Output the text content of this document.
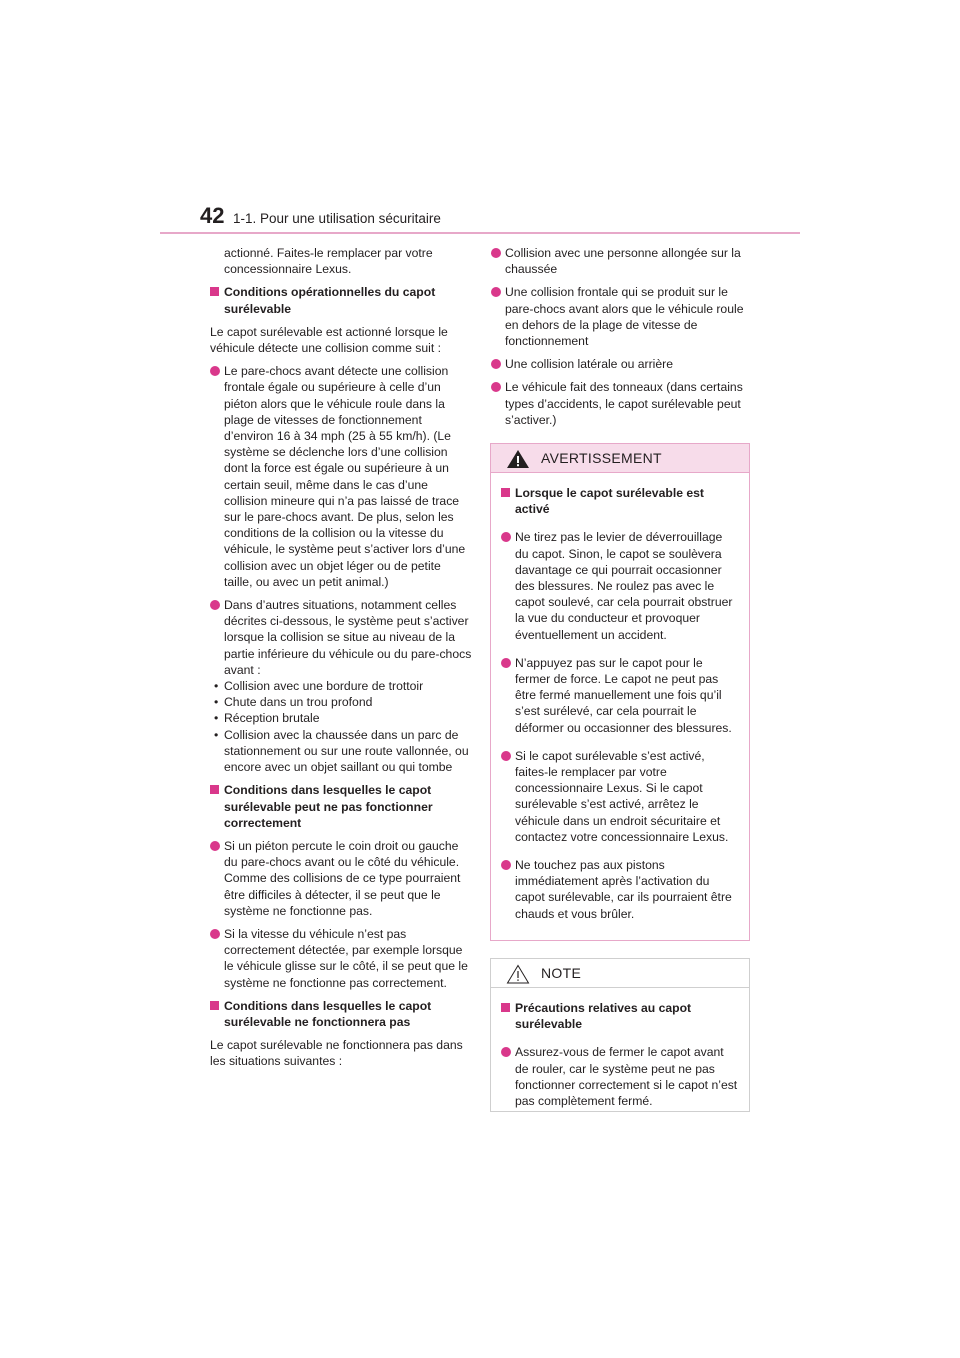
42 1-1. Pour une utilisation sécuritaire

actionné. Faites-le remplacer par votre concessionnaire Lexus.

Conditions opérationnelles du capot surélevable

Le capot surélevable est actionné lorsque le véhicule détecte une collision comme suit :

Le pare-chocs avant détecte une collision frontale égale ou supérieure à celle d’un piéton alors que le véhicule roule dans la plage de vitesses de fonctionnement d’environ 16 à 34 mph (25 à 55 km/h). (Le système se déclenche lors d’une collision dont la force est égale ou supérieure à un certain seuil, même dans le cas d’une collision mineure qui n’a pas laissé de trace sur le pare-chocs avant. De plus, selon les conditions de la collision ou la vitesse du véhicule, le système peut s’activer lors d’une collision avec un objet léger ou de petite taille, ou avec un petit animal.)
Dans d’autres situations, notamment celles décrites ci-dessous, le système peut s’activer lorsque la collision se situe au niveau de la partie inférieure du véhicule ou du pare-chocs avant :
• Collision avec une bordure de trottoir
• Chute dans un trou profond
• Réception brutale
• Collision avec la chaussée dans un parc de stationnement ou sur une route vallonnée, ou encore avec un objet saillant ou qui tombe
Conditions dans lesquelles le capot surélevable peut ne pas fonctionner correctement
Si un piéton percute le coin droit ou gauche du pare-chocs avant ou le côté du véhicule. Comme des collisions de ce type pourraient être difficiles à détecter, il se peut que le système ne fonctionne pas.
Si la vitesse du véhicule n’est pas correctement détectée, par exemple lorsque le véhicule glisse sur le côté, il se peut que le système ne fonctionne pas correctement.
Conditions dans lesquelles le capot surélevable ne fonctionnera pas

Le capot surélevable ne fonctionnera pas dans les situations suivantes :

Collision avec une personne allongée sur la chaussée
Une collision frontale qui se produit sur le pare-chocs avant alors que le véhicule roule en dehors de la plage de vitesse de fonctionnement
Une collision latérale ou arrière
Le véhicule fait des tonneaux (dans certains types d’accidents, le capot surélevable peut s’activer.)
AVERTISSEMENT
Lorsque le capot surélevable est activé
Ne tirez pas le levier de déverrouillage du capot. Sinon, le capot se soulèvera davantage ce qui pourrait occasionner des blessures. Ne roulez pas avec le capot soulevé, car cela pourrait obstruer la vue du conducteur et provoquer éventuellement un accident.
N’appuyez pas sur le capot pour le fermer de force. Le capot ne peut pas être fermé manuellement une fois qu’il s’est surélevé, car cela pourrait le déformer ou occasionner des blessures.
Si le capot surélevable s’est activé, faites-le remplacer par votre concessionnaire Lexus. Si le capot surélevable s’est activé, arrêtez le véhicule dans un endroit sécuritaire et contactez votre concessionnaire Lexus.
Ne touchez pas aux pistons immédiatement après l’activation du capot surélevable, car ils pourraient être chauds et vous brûler.
NOTE
Précautions relatives au capot surélevable
Assurez-vous de fermer le capot avant de rouler, car le système peut ne pas fonctionner correctement si le capot n’est pas complètement fermé.
